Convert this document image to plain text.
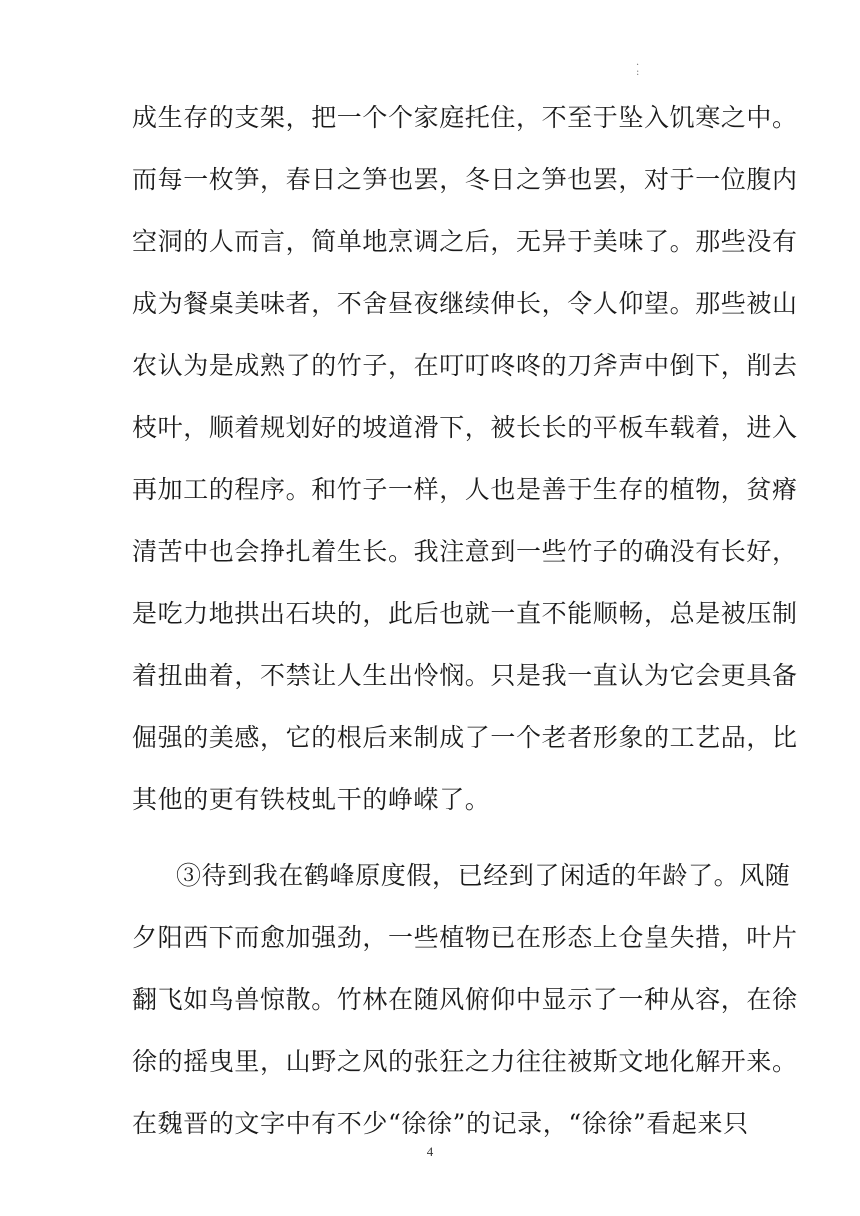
.
:
成生存的支架，把一个个家庭托住，不至于坠入饥寒之中。
而每一枚笋，春日之笋也罢，冬日之笋也罢，对于一位腹内
空洞的人而言，简单地烹调之后，无异于美味了。那些没有
成为餐桌美味者，不舍昼夜继续伸长，令人仰望。那些被山
农认为是成熟了的竹子，在叮叮咚咚的刀斧声中倒下，削去
枝叶，顺着规划好的坡道滑下，被长长的平板车载着，进入
再加工的程序。和竹子一样，人也是善于生存的植物，贫瘠
清苦中也会挣扎着生长。我注意到一些竹子的确没有长好，
是吃力地拱出石块的，此后也就一直不能顺畅，总是被压制
着扭曲着，不禁让人生出怜悯。只是我一直认为它会更具备
倔强的美感，它的根后来制成了一个老者形象的工艺品，比
其他的更有铁枝虬干的峥嵘了。
③待到我在鹤峰原度假，已经到了闲适的年龄了。风随
夕阳西下而愈加强劲，一些植物已在形态上仓皇失措，叶片
翻飞如鸟兽惊散。竹林在随风俯仰中显示了一种从容，在徐
徐的摇曳里，山野之风的张狂之力往往被斯文地化解开来。
在魏晋的文字中有不少“徐徐”的记录，“徐徐”看起来只
4
